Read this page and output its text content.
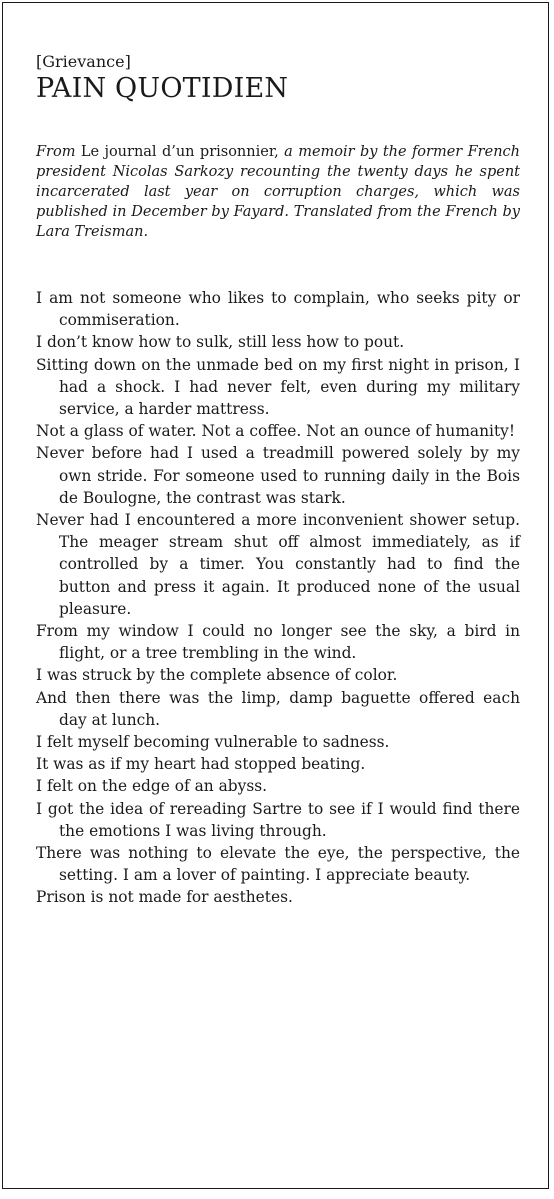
[Grievance]

PAIN QUOTIDIEN

From Le journal d’un prisonnier, a memoir by the former French president Nicolas Sarkozy recounting the twenty days he spent incarcerated last year on corruption charges, which was published in December by Fayard. Translated from the French by Lara Treisman.

I am not someone who likes to complain, who seeks pity or commiseration.
I don’t know how to sulk, still less how to pout.
Sitting down on the unmade bed on my first night in prison, I had a shock. I had never felt, even during my military service, a harder mattress.
Not a glass of water. Not a coffee. Not an ounce of humanity!
Never before had I used a treadmill powered solely by my own stride. For someone used to running daily in the Bois de Boulogne, the contrast was stark.
Never had I encountered a more inconvenient shower setup. The meager stream shut off almost immediately, as if controlled by a timer. You constantly had to find the button and press it again. It produced none of the usual pleasure.
From my window I could no longer see the sky, a bird in flight, or a tree trembling in the wind.
I was struck by the complete absence of color.
And then there was the limp, damp baguette offered each day at lunch.
I felt myself becoming vulnerable to sadness.
It was as if my heart had stopped beating.
I felt on the edge of an abyss.
I got the idea of rereading Sartre to see if I would find there the emotions I was living through.
There was nothing to elevate the eye, the perspective, the setting. I am a lover of painting. I appreciate beauty.
Prison is not made for aesthetes.
